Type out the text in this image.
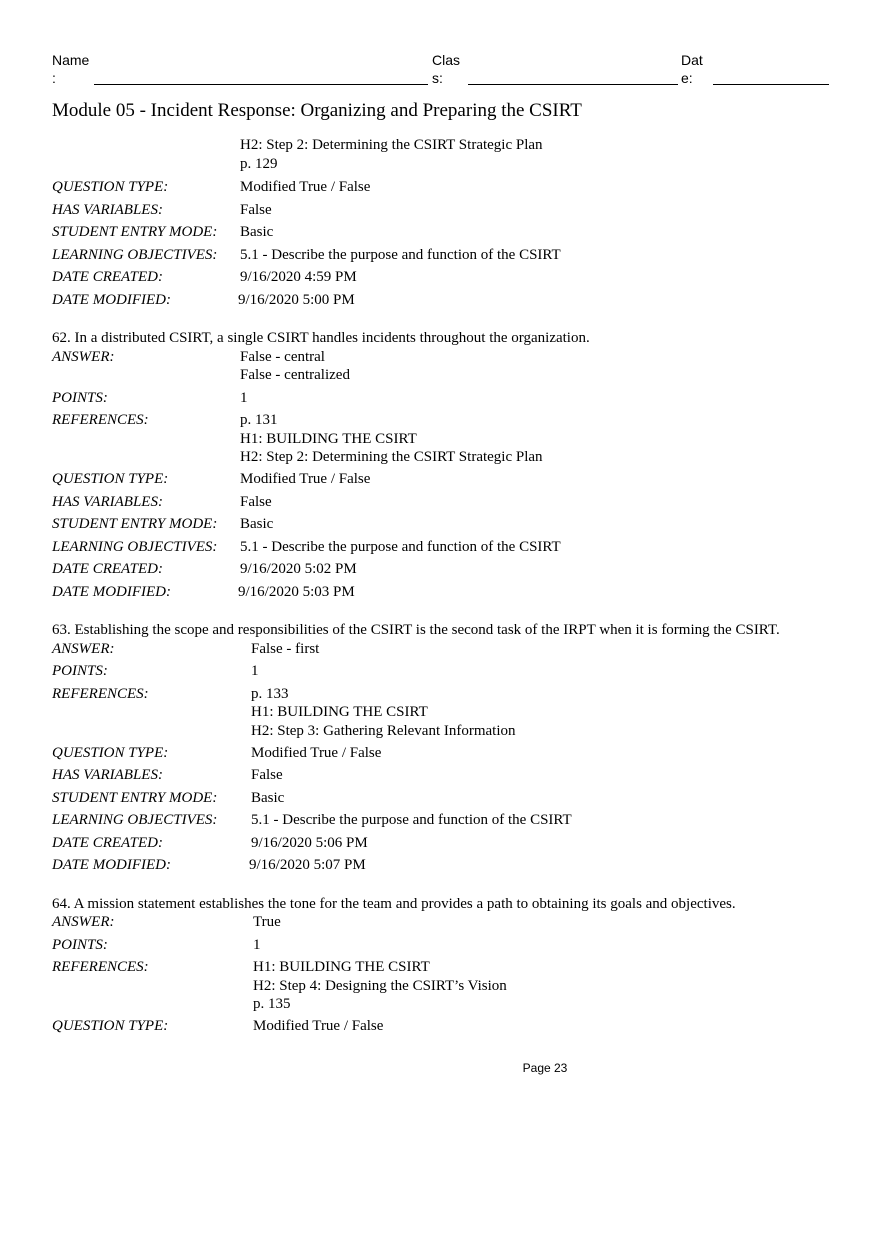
Name
:
Clas
s:
Dat
e:
Module 05 - Incident Response: Organizing and Preparing the CSIRT
H2: Step 2: Determining the CSIRT Strategic Plan
p. 129
QUESTION TYPE:	Modified True / False
HAS VARIABLES:	False
STUDENT ENTRY MODE: Basic
LEARNING OBJECTIVES: 5.1 - Describe the purpose and function of the CSIRT
DATE CREATED:	9/16/2020 4:59 PM
DATE MODIFIED:	9/16/2020 5:00 PM
62. In a distributed CSIRT, a single CSIRT handles incidents throughout the organization.
ANSWER:	False - central
False - centralized
POINTS:	1
REFERENCES:	p. 131
H1: BUILDING THE CSIRT
H2: Step 2: Determining the CSIRT Strategic Plan
QUESTION TYPE:	Modified True / False
HAS VARIABLES:	False
STUDENT ENTRY MODE: Basic
LEARNING OBJECTIVES: 5.1 - Describe the purpose and function of the CSIRT
DATE CREATED:	9/16/2020 5:02 PM
DATE MODIFIED:	9/16/2020 5:03 PM
63. Establishing the scope and responsibilities of the CSIRT is the second task of the IRPT when it is forming the CSIRT.
ANSWER:	False - first
POINTS:	1
REFERENCES:	p. 133
H1: BUILDING THE CSIRT
H2: Step 3: Gathering Relevant Information
QUESTION TYPE:	Modified True / False
HAS VARIABLES:	False
STUDENT ENTRY MODE: Basic
LEARNING OBJECTIVES: 5.1 - Describe the purpose and function of the CSIRT
DATE CREATED:	9/16/2020 5:06 PM
DATE MODIFIED:	9/16/2020 5:07 PM
64. A mission statement establishes the tone for the team and provides a path to obtaining its goals and objectives.
ANSWER:	True
POINTS:	1
REFERENCES:	H1: BUILDING THE CSIRT
H2: Step 4: Designing the CSIRT’s Vision
p. 135
QUESTION TYPE:	Modified True / False
Page 23
